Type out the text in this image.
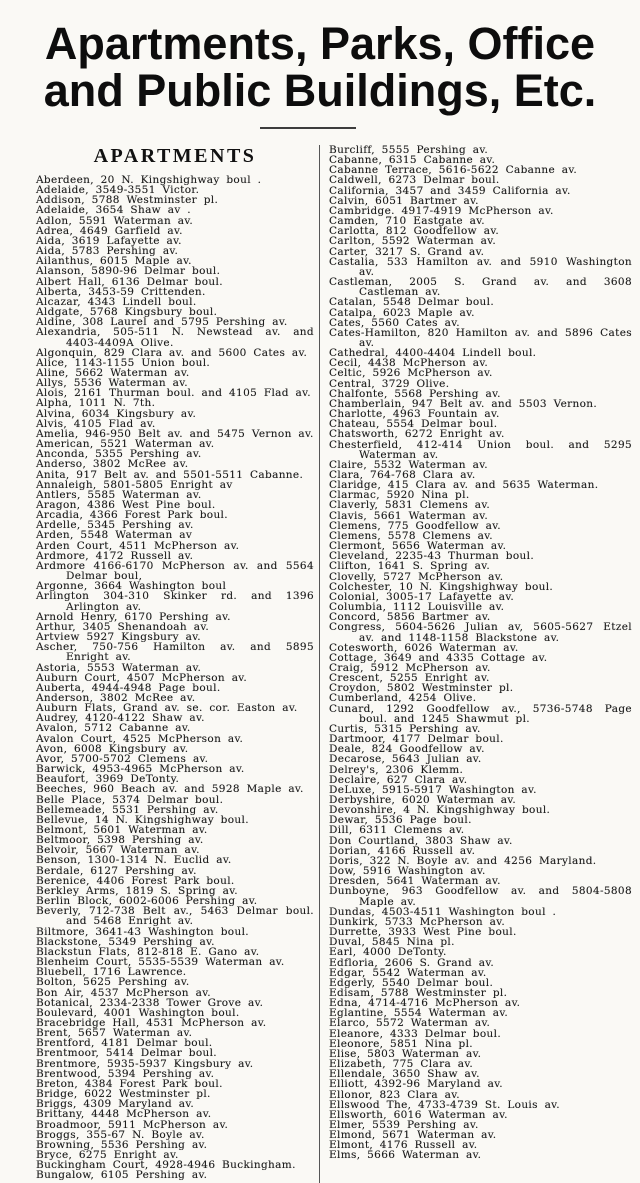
Apartments, Parks, Office
and Public Buildings, Etc.
APARTMENTS

Aberdeen, 20 N. Kingshighway boul .

Adelaide, 3549-3551 Victor.

Addison, 5788 Westminster pl.

Adelaide, 3654 Shaw av .

Adlon, 5591 Waterman av.

Adrea, 4649 Garfield av.

Aida, 3619 Lafayette av.

Aida, 5783 Pershing av.

Ailanthus, 6015 Maple av.

Alanson, 5890-96 Delmar boul.

Albert Hall, 6136 Delmar boul.

Alberta, 3453-59 Crittenden.

Alcazar, 4343 Lindell boul.

Aldgate, 5768 Kingsbury boul.

Aldine, 308 Laurel and 5795 Pershing av.

Alexandria, 505-511 N. Newstead av. and 4403-4409A Olive.

Algonquin, 829 Clara av. and 5600 Cates av.

Alice, 1143-1155 Union boul.

Aline, 5662 Waterman av.

Allys, 5536 Waterman av.

Alois, 2161 Thurman boul. and 4105 Flad av.

Alpha, 1011 N. 7th.

Alvina, 6034 Kingsbury av.

Alvis, 4105 Flad av.

Amelia, 946-950 Belt av. and 5475 Vernon av.

American, 5521 Waterman av.

Anconda, 5355 Pershing av.

Anderso, 3802 McRee av.

Anita, 917 Belt av. and 5501-5511 Cabanne.

Annaleigh, 5801-5805 Enright av

Antlers, 5585 Waterman av.

Aragon, 4386 West Pine boul.

Arcadia, 4366 Forest Park boul.

Ardelle, 5345 Pershing av.

Arden, 5548 Waterman av

Arden Court, 4511 McPherson av.

Ardmore, 4172 Russell av.

Ardmore 4166-6170 McPherson av. and 5564 Delmar boul,

Argonne, 3664 Washington boul

Arlington 304-310 Skinker rd. and 1396 Arlington av.

Arnold Henry, 6170 Pershing av.

Arthur, 3405 Shenandoah av.

Artview 5927 Kingsbury av.

Ascher, 750-756 Hamilton av. and 5895 Enright av.

Astoria, 5553 Waterman av.

Auburn Court, 4507 McPherson av.

Auberta, 4944-4948 Page boul.

Anderson, 3802 McRee av.

Auburn Flats, Grand av. se. cor. Easton av.

Audrey, 4120-4122 Shaw av.

Avalon, 5712 Cabanne av.

Avalon Court, 4525 McPherson av.

Avon, 6008 Kingsbury av.

Avor, 5700-5702 Clemens av.

Barwick, 4953-4965 McPherson av.

Beaufort, 3969 DeTonty.

Beeches, 960 Beach av. and 5928 Maple av.

Belle Place, 5374 Delmar boul.

Bellemeade, 5531 Pershing av.

Bellevue, 14 N. Kingshighway boul.

Belmont, 5601 Waterman av.

Beltmoor, 5398 Pershing av.

Belvoir, 5667 Waterman av.

Benson, 1300-1314 N. Euclid av.

Berdale, 6127 Pershing av.

Berenice, 4406 Forest Park boul.

Berkley Arms, 1819 S. Spring av.

Berlin Block, 6002-6006 Pershing av.

Beverly, 712-738 Belt av., 5463 Delmar boul. and 5468 Enright av.

Biltmore, 3641-43 Washington boul.

Blackstone, 5349 Pershing av.

Blackstun Flats, 812-818 E. Gano av.

Blenheim Court, 5535-5539 Waterman av.

Bluebell, 1716 Lawrence.

Bolton, 5625 Pershing av.

Bon Air, 4537 McPherson av.

Botanical, 2334-2338 Tower Grove av.

Boulevard, 4001 Washington boul.

Bracebridge Hall, 4531 McPherson av.

Brent, 5657 Waterman av.

Brentford, 4181 Delmar boul.

Brentmoor, 5414 Delmar boul.

Brentmore, 5935-5937 Kingsbury av.

Brentwood, 5394 Pershing av.

Breton, 4384 Forest Park boul.

Bridge, 6022 Westminster pl.

Briggs, 4309 Maryland av.

Brittany, 4448 McPherson av.

Broadmoor, 5911 McPherson av.

Broggs, 355-67 N. Boyle av.

Browning, 5536 Pershing av.

Bryce, 6275 Enright av.

Buckingham Court, 4928-4946 Buckingham.

Bungalow, 6105 Pershing av.

Burcliff, 5555 Pershing av.

Cabanne, 6315 Cabanne av.

Cabanne Terrace, 5616-5622 Cabanne av.

Caldwell, 6273 Delmar boul.

California, 3457 and 3459 California av.

Calvin, 6051 Bartmer av.

Cambridge. 4917-4919 McPherson av.

Camden, 710 Eastgate av.

Carlotta, 812 Goodfellow av.

Carlton, 5592 Waterman av.

Carter, 3217 S. Grand av.

Castalia, 533 Hamilton av. and 5910 Washington av.

Castleman, 2005 S. Grand av. and 3608 Castleman av.

Catalan, 5548 Delmar boul.

Catalpa, 6023 Maple av.

Cates, 5560 Cates av.

Cates-Hamilton, 820 Hamilton av. and 5896 Cates av.

Cathedral, 4400-4404 Lindell boul.

Cecil, 4438 McPherson av.

Celtic, 5926 McPherson av.

Central, 3729 Olive.

Chalfonte, 5568 Pershing av.

Chamberlain, 947 Belt av. and 5503 Vernon.

Charlotte, 4963 Fountain av.

Chateau, 5554 Delmar boul.

Chatsworth, 6272 Enright av.

Chesterfield, 412-414 Union boul. and 5295 Waterman av.

Claire, 5532 Waterman av.

Clara, 764-768 Clara av.

Claridge, 415 Clara av. and 5635 Waterman.

Clarmac, 5920 Nina pl.

Claverly, 5831 Clemens av.

Clavis, 5661 Waterman av.

Clemens, 775 Goodfellow av.

Clemens, 5578 Clemens av.

Clermont, 5656 Waterman av.

Cleveland, 2235-43 Thurman boul.

Clifton, 1641 S. Spring av.

Clovelly, 5727 McPherson av.

Colchester, 10 N. Kingshighway boul.

Colonial, 3005-17 Lafayette av.

Columbia, 1112 Louisville av.

Concord, 5856 Bartmer av.

Congress, 5604-5626 Julian av, 5605-5627 Etzel av. and 1148-1158 Blackstone av.

Cotesworth, 6026 Waterman av.

Cottage, 3649 and 4335 Cottage av.

Craig, 5912 McPherson av.

Crescent, 5255 Enright av.

Croydon, 5802 Westminster pl.

Cumberland, 4254 Olive.

Cunard, 1292 Goodfellow av., 5736-5748 Page boul. and 1245 Shawmut pl.

Curtis, 5315 Pershing av.

Dartmoor, 4177 Delmar boul.

Deale, 824 Goodfellow av.

Decarose, 5643 Julian av.

Delrey's, 2306 Klemm.

Declaire, 627 Clara av.

DeLuxe, 5915-5917 Washington av.

Derbyshire, 6020 Waterman av.

Devonshire, 4 N. Kingshighway boul.

Dewar, 5536 Page boul.

Dill, 6311 Clemens av.

Don Courtland, 3803 Shaw av.

Dorian, 4166 Russell av.

Doris, 322 N. Boyle av. and 4256 Maryland.

Dow, 5916 Washington av.

Dresden, 5641 Waterman av.

Dunboyne, 963 Goodfellow av. and 5804-5808 Maple av.

Dundas, 4503-4511 Washington boul .

Dunkirk, 5733 McPherson av.

Durrette, 3933 West Pine boul.

Duval, 5845 Nina pl.

Earl, 4000 DeTonty.

Edfloria, 2606 S. Grand av.

Edgar, 5542 Waterman av.

Edgerly, 5540 Delmar boul.

Edisam, 5788 Westminster pl.

Edna, 4714-4716 McPherson av.

Eglantine, 5554 Waterman av.

Elarco, 5572 Waterman av.

Eleanore, 4333 Delmar boul.

Eleonore, 5851 Nina pl.

Elise, 5803 Waterman av.

Elizabeth, 775 Clara av.

Ellendale, 3650 Shaw av.

Elliott, 4392-96 Maryland av.

Ellonor, 823 Clara av.

Ellswood The, 4733-4739 St. Louis av.

Ellsworth, 6016 Waterman av.

Elmer, 5539 Pershing av.

Elmond, 5671 Waterman av.

Elmont, 4176 Russell av.

Elms, 5666 Waterman av.
